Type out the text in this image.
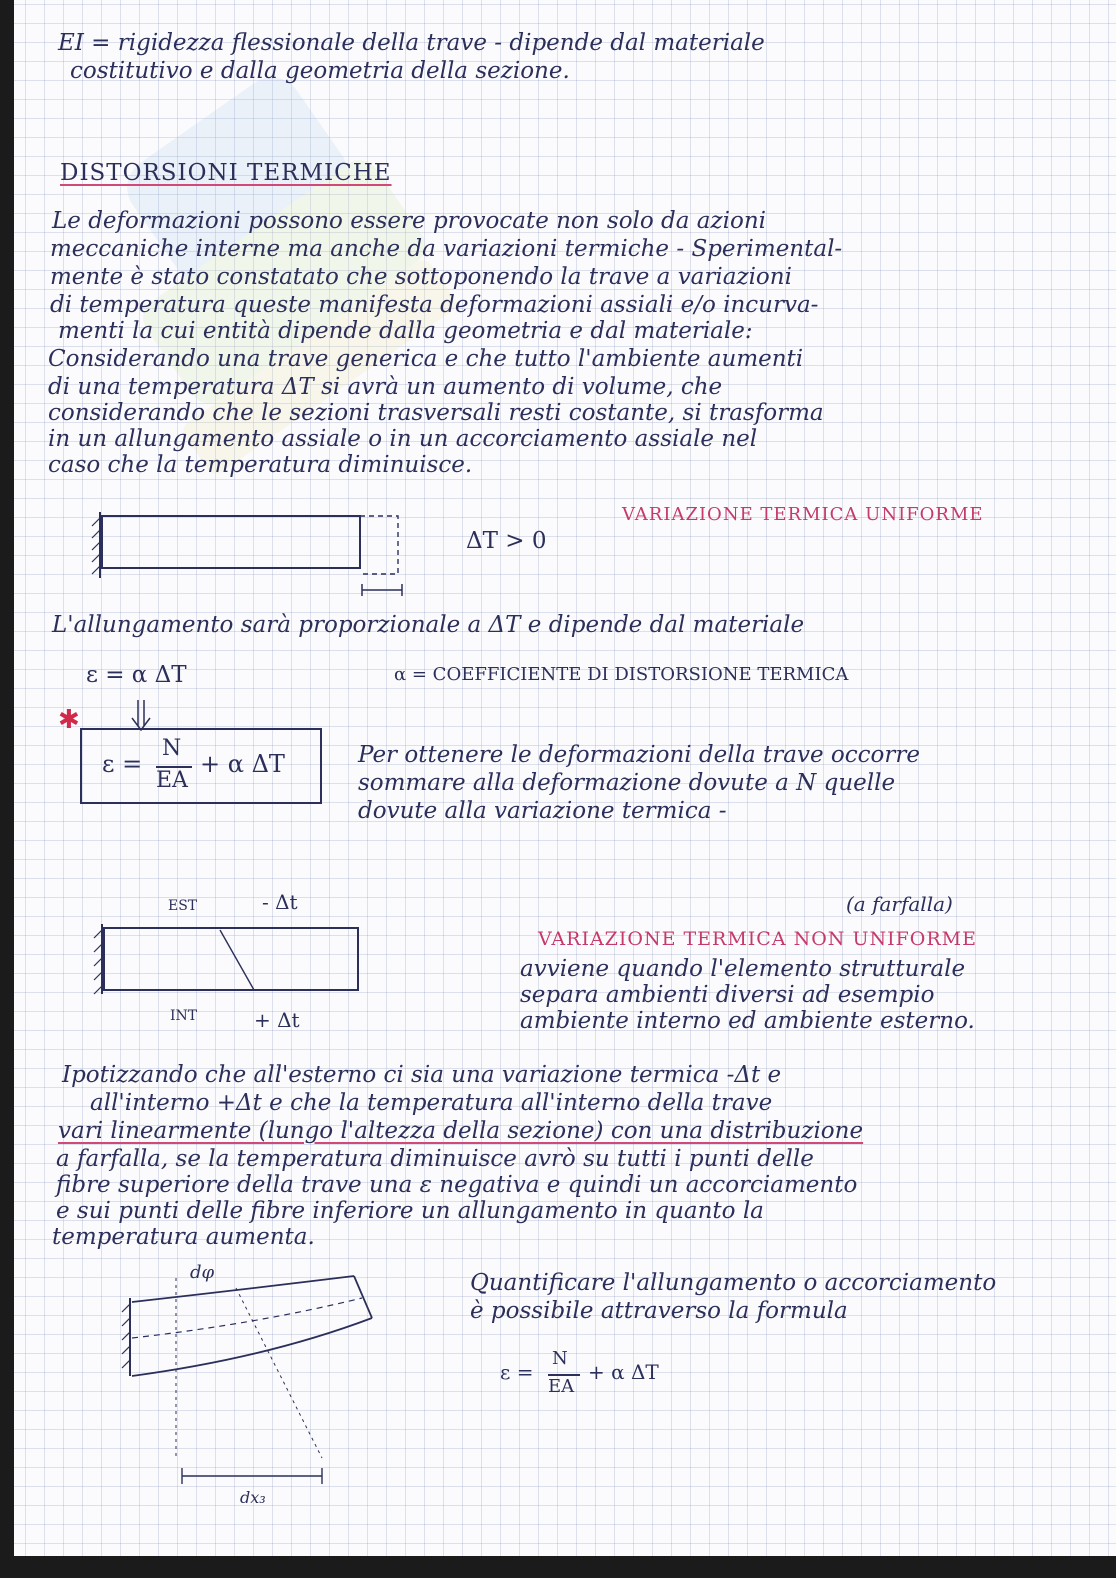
EI = rigidezza flessionale della trave - dipende dal materiale
costitutivo e dalla geometria della sezione.
DISTORSIONI TERMICHE
Le deformazioni possono essere provocate non solo da azioni
meccaniche interne ma anche da variazioni termiche - Sperimental-
mente è stato constatato che sottoponendo la trave a variazioni
di temperatura queste manifesta deformazioni assiali e/o incurva-
menti la cui entità dipende dalla geometria e dal materiale:
Considerando una trave generica e che tutto l'ambiente aumenti
di una temperatura ΔT si avrà un aumento di volume, che
considerando che le sezioni trasversali resti costante, si trasforma
in un allungamento assiale o in un accorciamento assiale nel
caso che la temperatura diminuisce.
ΔT > 0
VARIAZIONE TERMICA UNIFORME
L'allungamento sarà proporzionale a ΔT e dipende dal materiale
ε = α ΔT	α = COEFFICIENTE DI DISTORSIONE TERMICA
✱
ε =
N
EA
+ α ΔT	Per ottenere le deformazioni della trave occorre
sommare alla deformazione dovute a N quelle
dovute alla variazione termica -
EST	- Δt
INT	+ Δt
(a farfalla)
VARIAZIONE TERMICA NON UNIFORME
avviene quando l'elemento strutturale
separa ambienti diversi ad esempio
ambiente interno ed ambiente esterno.
Ipotizzando che all'esterno ci sia una variazione termica -Δt e
all'interno +Δt e che la temperatura all'interno della trave
vari linearmente (lungo l'altezza della sezione) con una distribuzione
a farfalla, se la temperatura diminuisce avrò su tutti i punti delle
fibre superiore della trave una ε negativa e quindi un accorciamento
e sui punti delle fibre inferiore un allungamento in quanto la
temperatura aumenta.
dφ
dx₃
Quantificare l'allungamento o accorciamento
è possibile attraverso la formula
ε =
N
EA
+ α ΔT
